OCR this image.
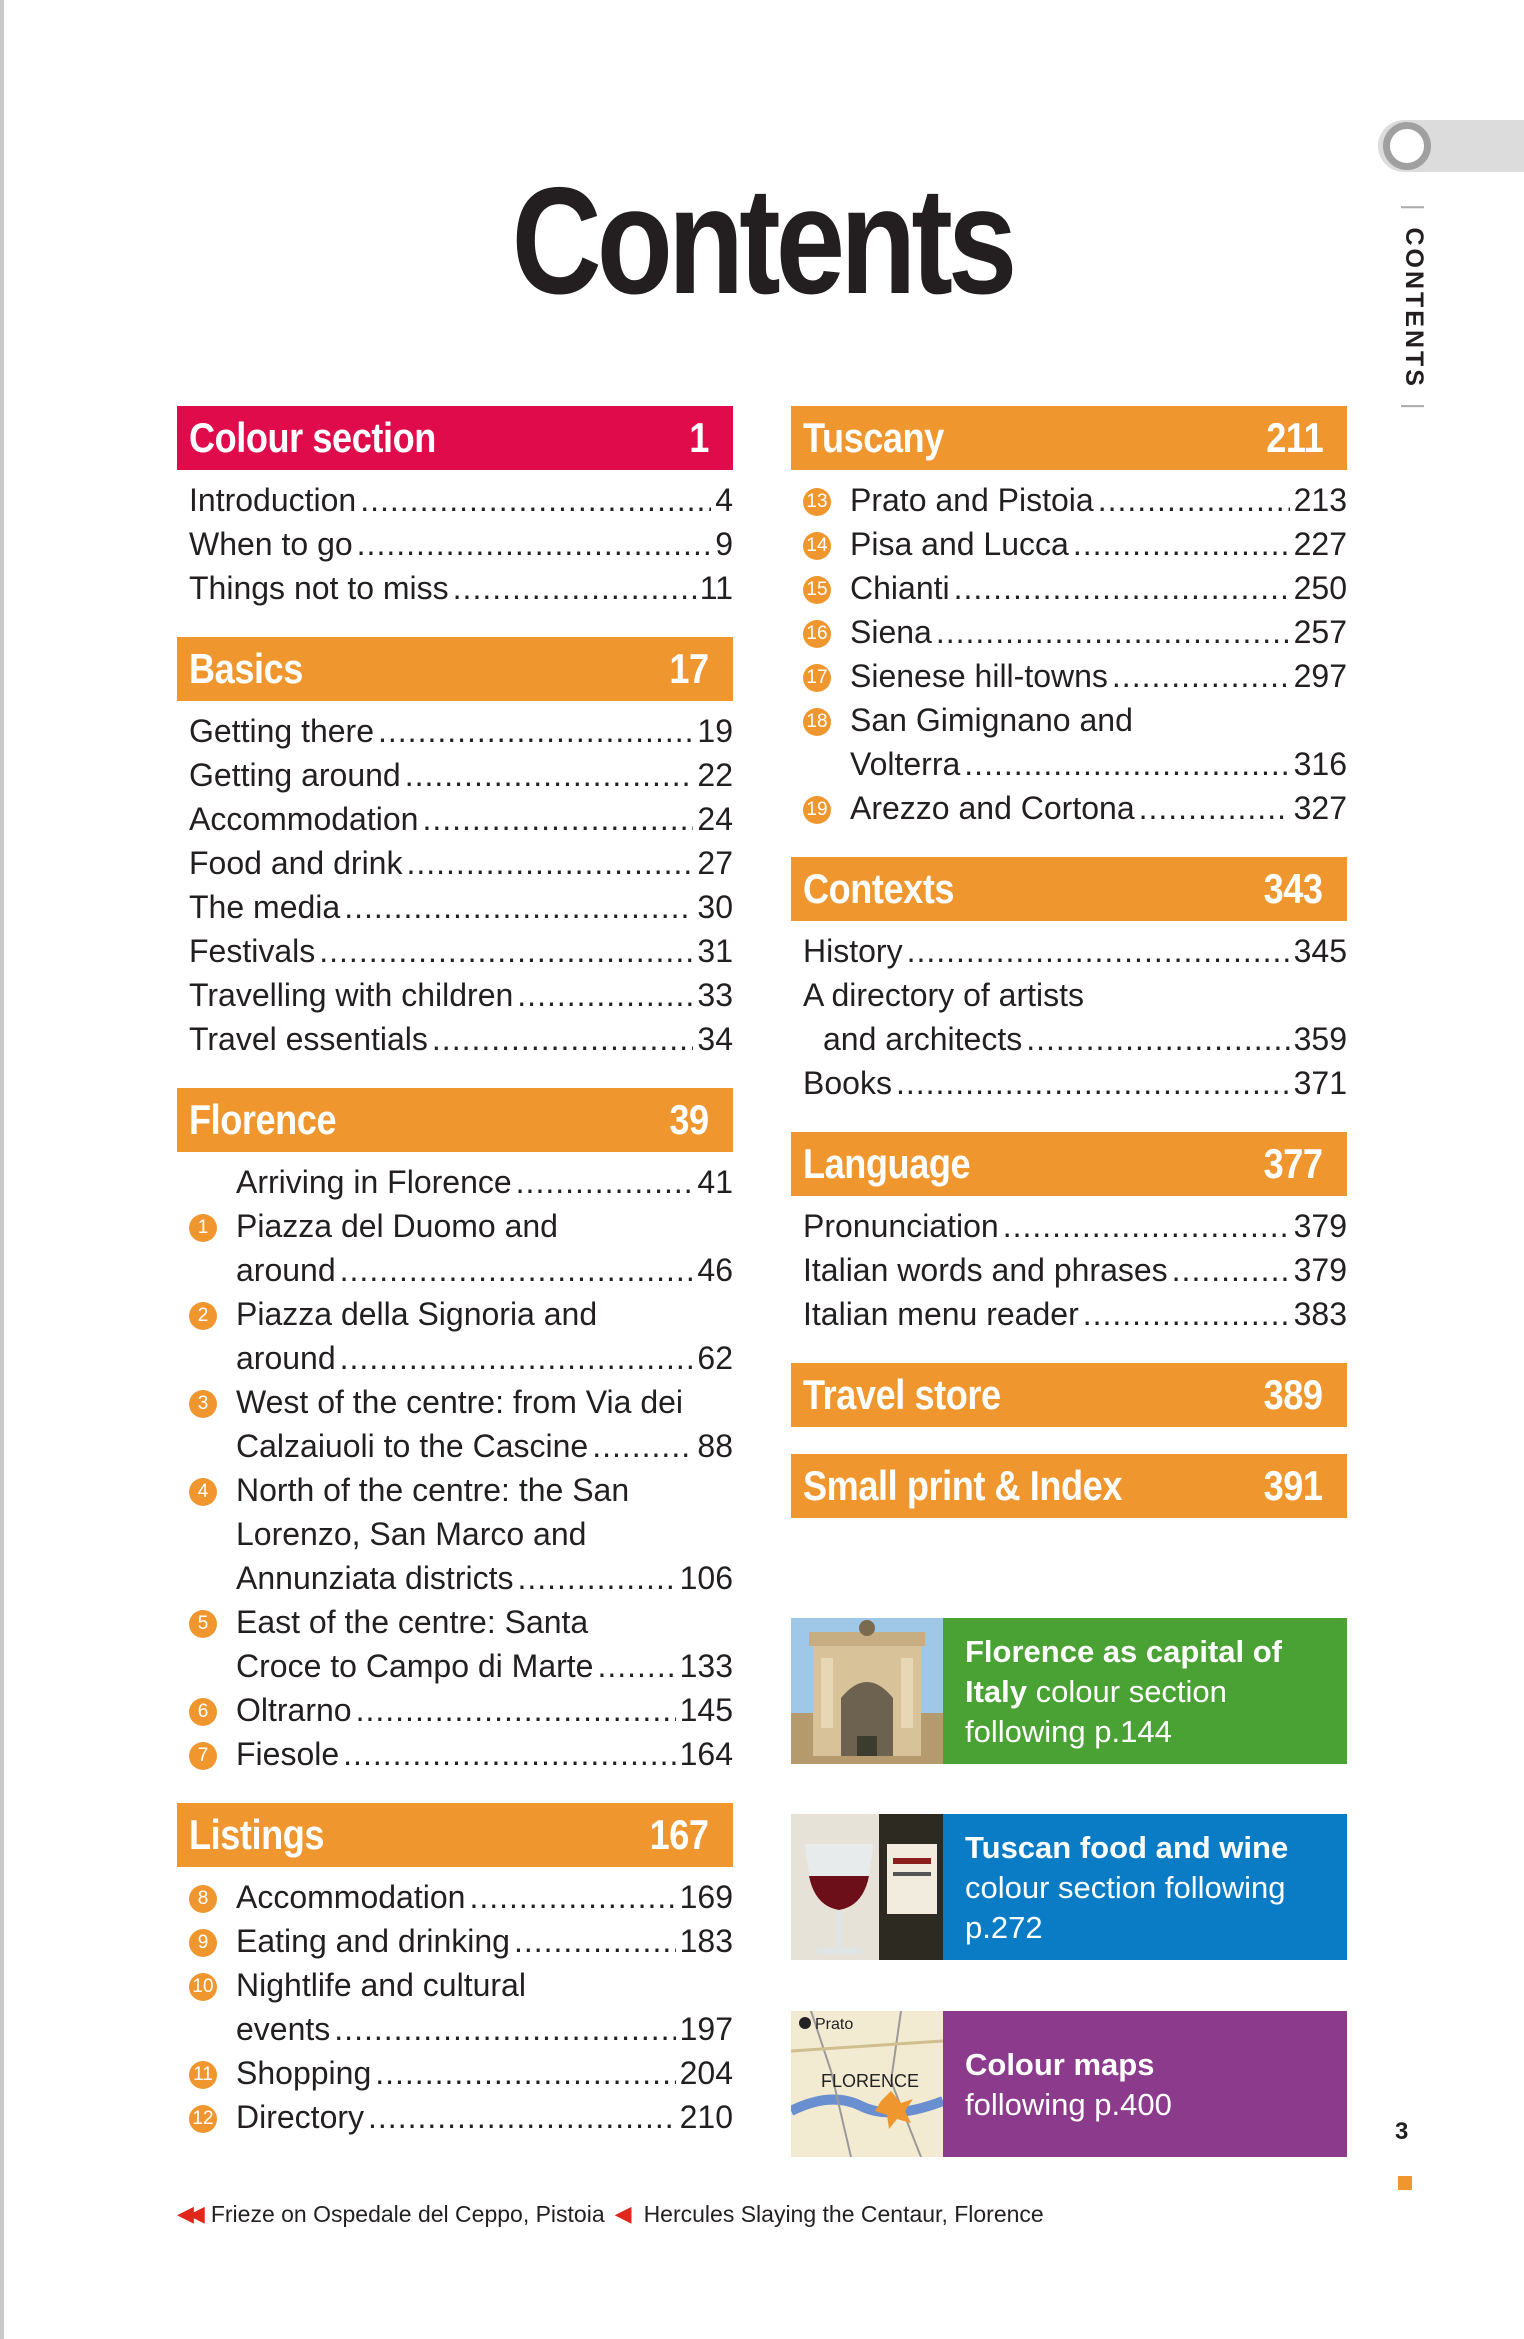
Contents	| CONTENTS |
Colour section	1
Introduction .....	4
When to go .....	9
Things not to miss .....	11
Basics	17
Getting there .....	19
Getting around .....	22
Accommodation .....	24
Food and drink .....	27
The media .....	30
Festivals .....	31
Travelling with children .....	33
Travel essentials .....	34
Florence	39
Arriving in Florence .....	41
1 Piazza del Duomo and
around .....	46
2 Piazza della Signoria and
around .....	62
3 West of the centre: from Via dei
Calzaiuoli to the Cascine .....	88
4 North of the centre: the San
Lorenzo, San Marco and
Annunziata districts .....	106
5 East of the centre: Santa
Croce to Campo di Marte .....	133
6 Oltrarno .....	145
7 Fiesole .....	164
Listings	167
8 Accommodation .....	169
9 Eating and drinking .....	183
10 Nightlife and cultural
events .....	197
11 Shopping .....	204
12 Directory .....	210
Tuscany	211
13 Prato and Pistoia .....	213
14 Pisa and Lucca .....	227
15 Chianti .....	250
16 Siena .....	257
17 Sienese hill-towns .....	297
18 San Gimignano and
Volterra .....	316
19 Arezzo and Cortona .....	327
Contexts	343
History .....	345
A directory of artists
and architects .....	359
Books .....	371
Language	377
Pronunciation .....	379
Italian words and phrases .....	379
Italian menu reader .....	383
Travel store	389
Small print & Index	391
Florence as capital of Italy colour section following p.144
Tuscan food and wine colour section following p.272
Prato
FLORENCE	Colour maps
following p.400
3
◀◀ Frieze on Ospedale del Ceppo, Pistoia ◀ Hercules Slaying the Centaur, Florence
